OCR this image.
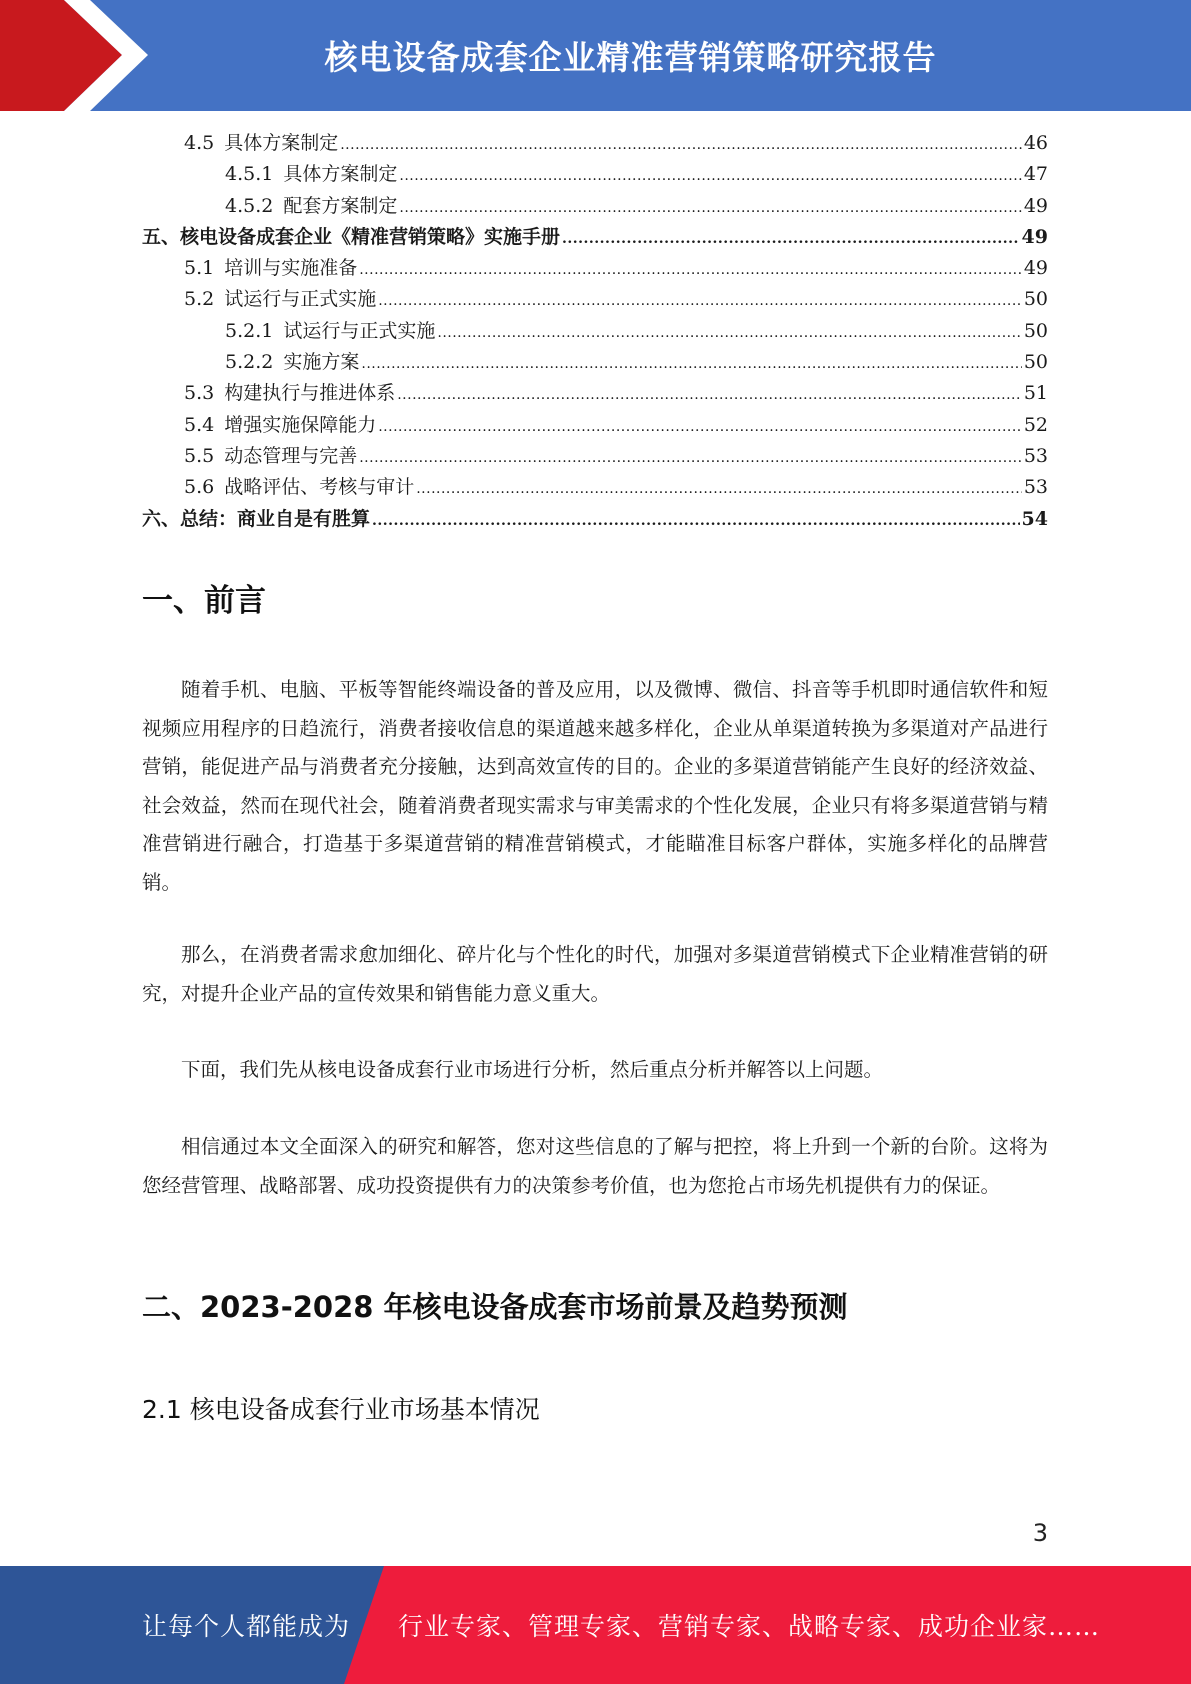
核电设备成套企业精准营销策略研究报告
4.5 具体方案制定 .....	46
4.5.1 具体方案制定 .....	47
4.5.2 配套方案制定 .....	49
五、 核电设备成套企业《精准营销策略》实施手册 .....	49
5.1 培训与实施准备 .....	49
5.2 试运行与正式实施 .....	50
5.2.1 试运行与正式实施 .....	50
5.2.2 实施方案 .....	50
5.3 构建执行与推进体系 .....	51
5.4 增强实施保障能力 .....	52
5.5 动态管理与完善 .....	53
5.6 战略评估、考核与审计 .....	53
六、 总结：商业自是有胜算 .....	54
一、前言
随着手机、电脑、平板等智能终端设备的普及应用，以及微博、微信、抖音等手机即时通信软件和短视频应用程序的日趋流行，消费者接收信息的渠道越来越多样化，企业从单渠道转换为多渠道对产品进行营销，能促进产品与消费者充分接触，达到高效宣传的目的。企业的多渠道营销能产生良好的经济效益、社会效益，然而在现代社会，随着消费者现实需求与审美需求的个性化发展，企业只有将多渠道营销与精准营销进行融合，打造基于多渠道营销的精准营销模式，才能瞄准目标客户群体，实施多样化的品牌营销。
那么，在消费者需求愈加细化、碎片化与个性化的时代，加强对多渠道营销模式下企业精准营销的研究，对提升企业产品的宣传效果和销售能力意义重大。
下面，我们先从核电设备成套行业市场进行分析，然后重点分析并解答以上问题。
相信通过本文全面深入的研究和解答，您对这些信息的了解与把控，将上升到一个新的台阶。这将为您经营管理、战略部署、成功投资提供有力的决策参考价值，也为您抢占市场先机提供有力的保证。
二、2023-2028 年核电设备成套市场前景及趋势预测
2.1 核电设备成套行业市场基本情况
3
让每个人都能成为 行业专家、管理专家、营销专家、战略专家、成功企业家……
